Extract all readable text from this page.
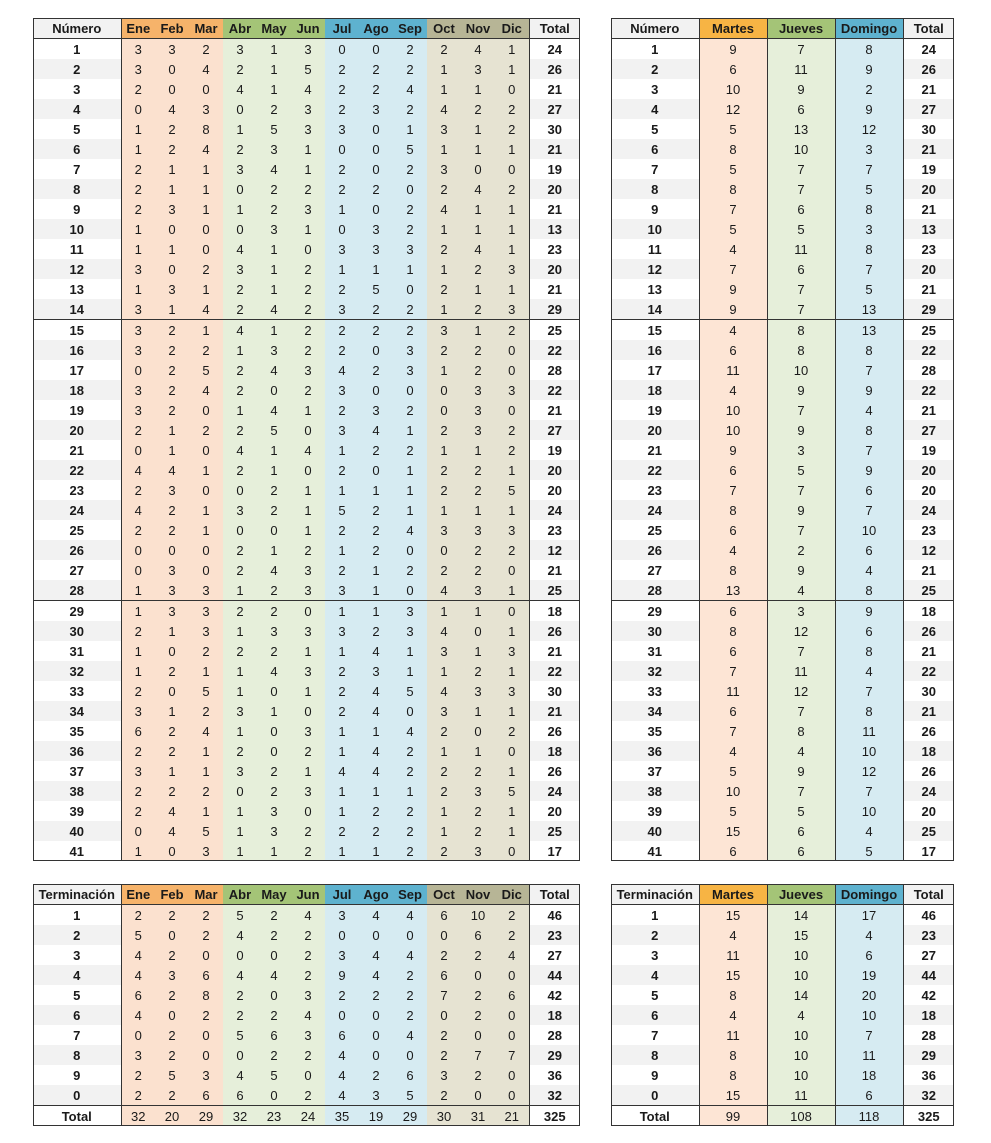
Número	Ene	Feb	Mar	Abr	May	Jun	Jul	Ago	Sep	Oct	Nov	Dic	Total
1	3	3	2	3	1	3	0	0	2	2	4	1	24
2	3	0	4	2	1	5	2	2	2	1	3	1	26
3	2	0	0	4	1	4	2	2	4	1	1	0	21
4	0	4	3	0	2	3	2	3	2	4	2	2	27
5	1	2	8	1	5	3	3	0	1	3	1	2	30
6	1	2	4	2	3	1	0	0	5	1	1	1	21
7	2	1	1	3	4	1	2	0	2	3	0	0	19
8	2	1	1	0	2	2	2	2	0	2	4	2	20
9	2	3	1	1	2	3	1	0	2	4	1	1	21
10	1	0	0	0	3	1	0	3	2	1	1	1	13
11	1	1	0	4	1	0	3	3	3	2	4	1	23
12	3	0	2	3	1	2	1	1	1	1	2	3	20
13	1	3	1	2	1	2	2	5	0	2	1	1	21
14	3	1	4	2	4	2	3	2	2	1	2	3	29
15	3	2	1	4	1	2	2	2	2	3	1	2	25
16	3	2	2	1	3	2	2	0	3	2	2	0	22
17	0	2	5	2	4	3	4	2	3	1	2	0	28
18	3	2	4	2	0	2	3	0	0	0	3	3	22
19	3	2	0	1	4	1	2	3	2	0	3	0	21
20	2	1	2	2	5	0	3	4	1	2	3	2	27
21	0	1	0	4	1	4	1	2	2	1	1	2	19
22	4	4	1	2	1	0	2	0	1	2	2	1	20
23	2	3	0	0	2	1	1	1	1	2	2	5	20
24	4	2	1	3	2	1	5	2	1	1	1	1	24
25	2	2	1	0	0	1	2	2	4	3	3	3	23
26	0	0	0	2	1	2	1	2	0	0	2	2	12
27	0	3	0	2	4	3	2	1	2	2	2	0	21
28	1	3	3	1	2	3	3	1	0	4	3	1	25
29	1	3	3	2	2	0	1	1	3	1	1	0	18
30	2	1	3	1	3	3	3	2	3	4	0	1	26
31	1	0	2	2	2	1	1	4	1	3	1	3	21
32	1	2	1	1	4	3	2	3	1	1	2	1	22
33	2	0	5	1	0	1	2	4	5	4	3	3	30
34	3	1	2	3	1	0	2	4	0	3	1	1	21
35	6	2	4	1	0	3	1	1	4	2	0	2	26
36	2	2	1	2	0	2	1	4	2	1	1	0	18
37	3	1	1	3	2	1	4	4	2	2	2	1	26
38	2	2	2	0	2	3	1	1	1	2	3	5	24
39	2	4	1	1	3	0	1	2	2	1	2	1	20
40	0	4	5	1	3	2	2	2	2	1	2	1	25
41	1	0	3	1	1	2	1	1	2	2	3	0	17
Número	Martes	Jueves	Domingo	Total
1	9	7	8	24
2	6	11	9	26
3	10	9	2	21
4	12	6	9	27
5	5	13	12	30
6	8	10	3	21
7	5	7	7	19
8	8	7	5	20
9	7	6	8	21
10	5	5	3	13
11	4	11	8	23
12	7	6	7	20
13	9	7	5	21
14	9	7	13	29
15	4	8	13	25
16	6	8	8	22
17	11	10	7	28
18	4	9	9	22
19	10	7	4	21
20	10	9	8	27
21	9	3	7	19
22	6	5	9	20
23	7	7	6	20
24	8	9	7	24
25	6	7	10	23
26	4	2	6	12
27	8	9	4	21
28	13	4	8	25
29	6	3	9	18
30	8	12	6	26
31	6	7	8	21
32	7	11	4	22
33	11	12	7	30
34	6	7	8	21
35	7	8	11	26
36	4	4	10	18
37	5	9	12	26
38	10	7	7	24
39	5	5	10	20
40	15	6	4	25
41	6	6	5	17
Terminación	Ene	Feb	Mar	Abr	May	Jun	Jul	Ago	Sep	Oct	Nov	Dic	Total
1	2	2	2	5	2	4	3	4	4	6	10	2	46
2	5	0	2	4	2	2	0	0	0	0	6	2	23
3	4	2	0	0	0	2	3	4	4	2	2	4	27
4	4	3	6	4	4	2	9	4	2	6	0	0	44
5	6	2	8	2	0	3	2	2	2	7	2	6	42
6	4	0	2	2	2	4	0	0	2	0	2	0	18
7	0	2	0	5	6	3	6	0	4	2	0	0	28
8	3	2	0	0	2	2	4	0	0	2	7	7	29
9	2	5	3	4	5	0	4	2	6	3	2	0	36
0	2	2	6	6	0	2	4	3	5	2	0	0	32
Total	32	20	29	32	23	24	35	19	29	30	31	21	325
Terminación	Martes	Jueves	Domingo	Total
1	15	14	17	46
2	4	15	4	23
3	11	10	6	27
4	15	10	19	44
5	8	14	20	42
6	4	4	10	18
7	11	10	7	28
8	8	10	11	29
9	8	10	18	36
0	15	11	6	32
Total	99	108	118	325
